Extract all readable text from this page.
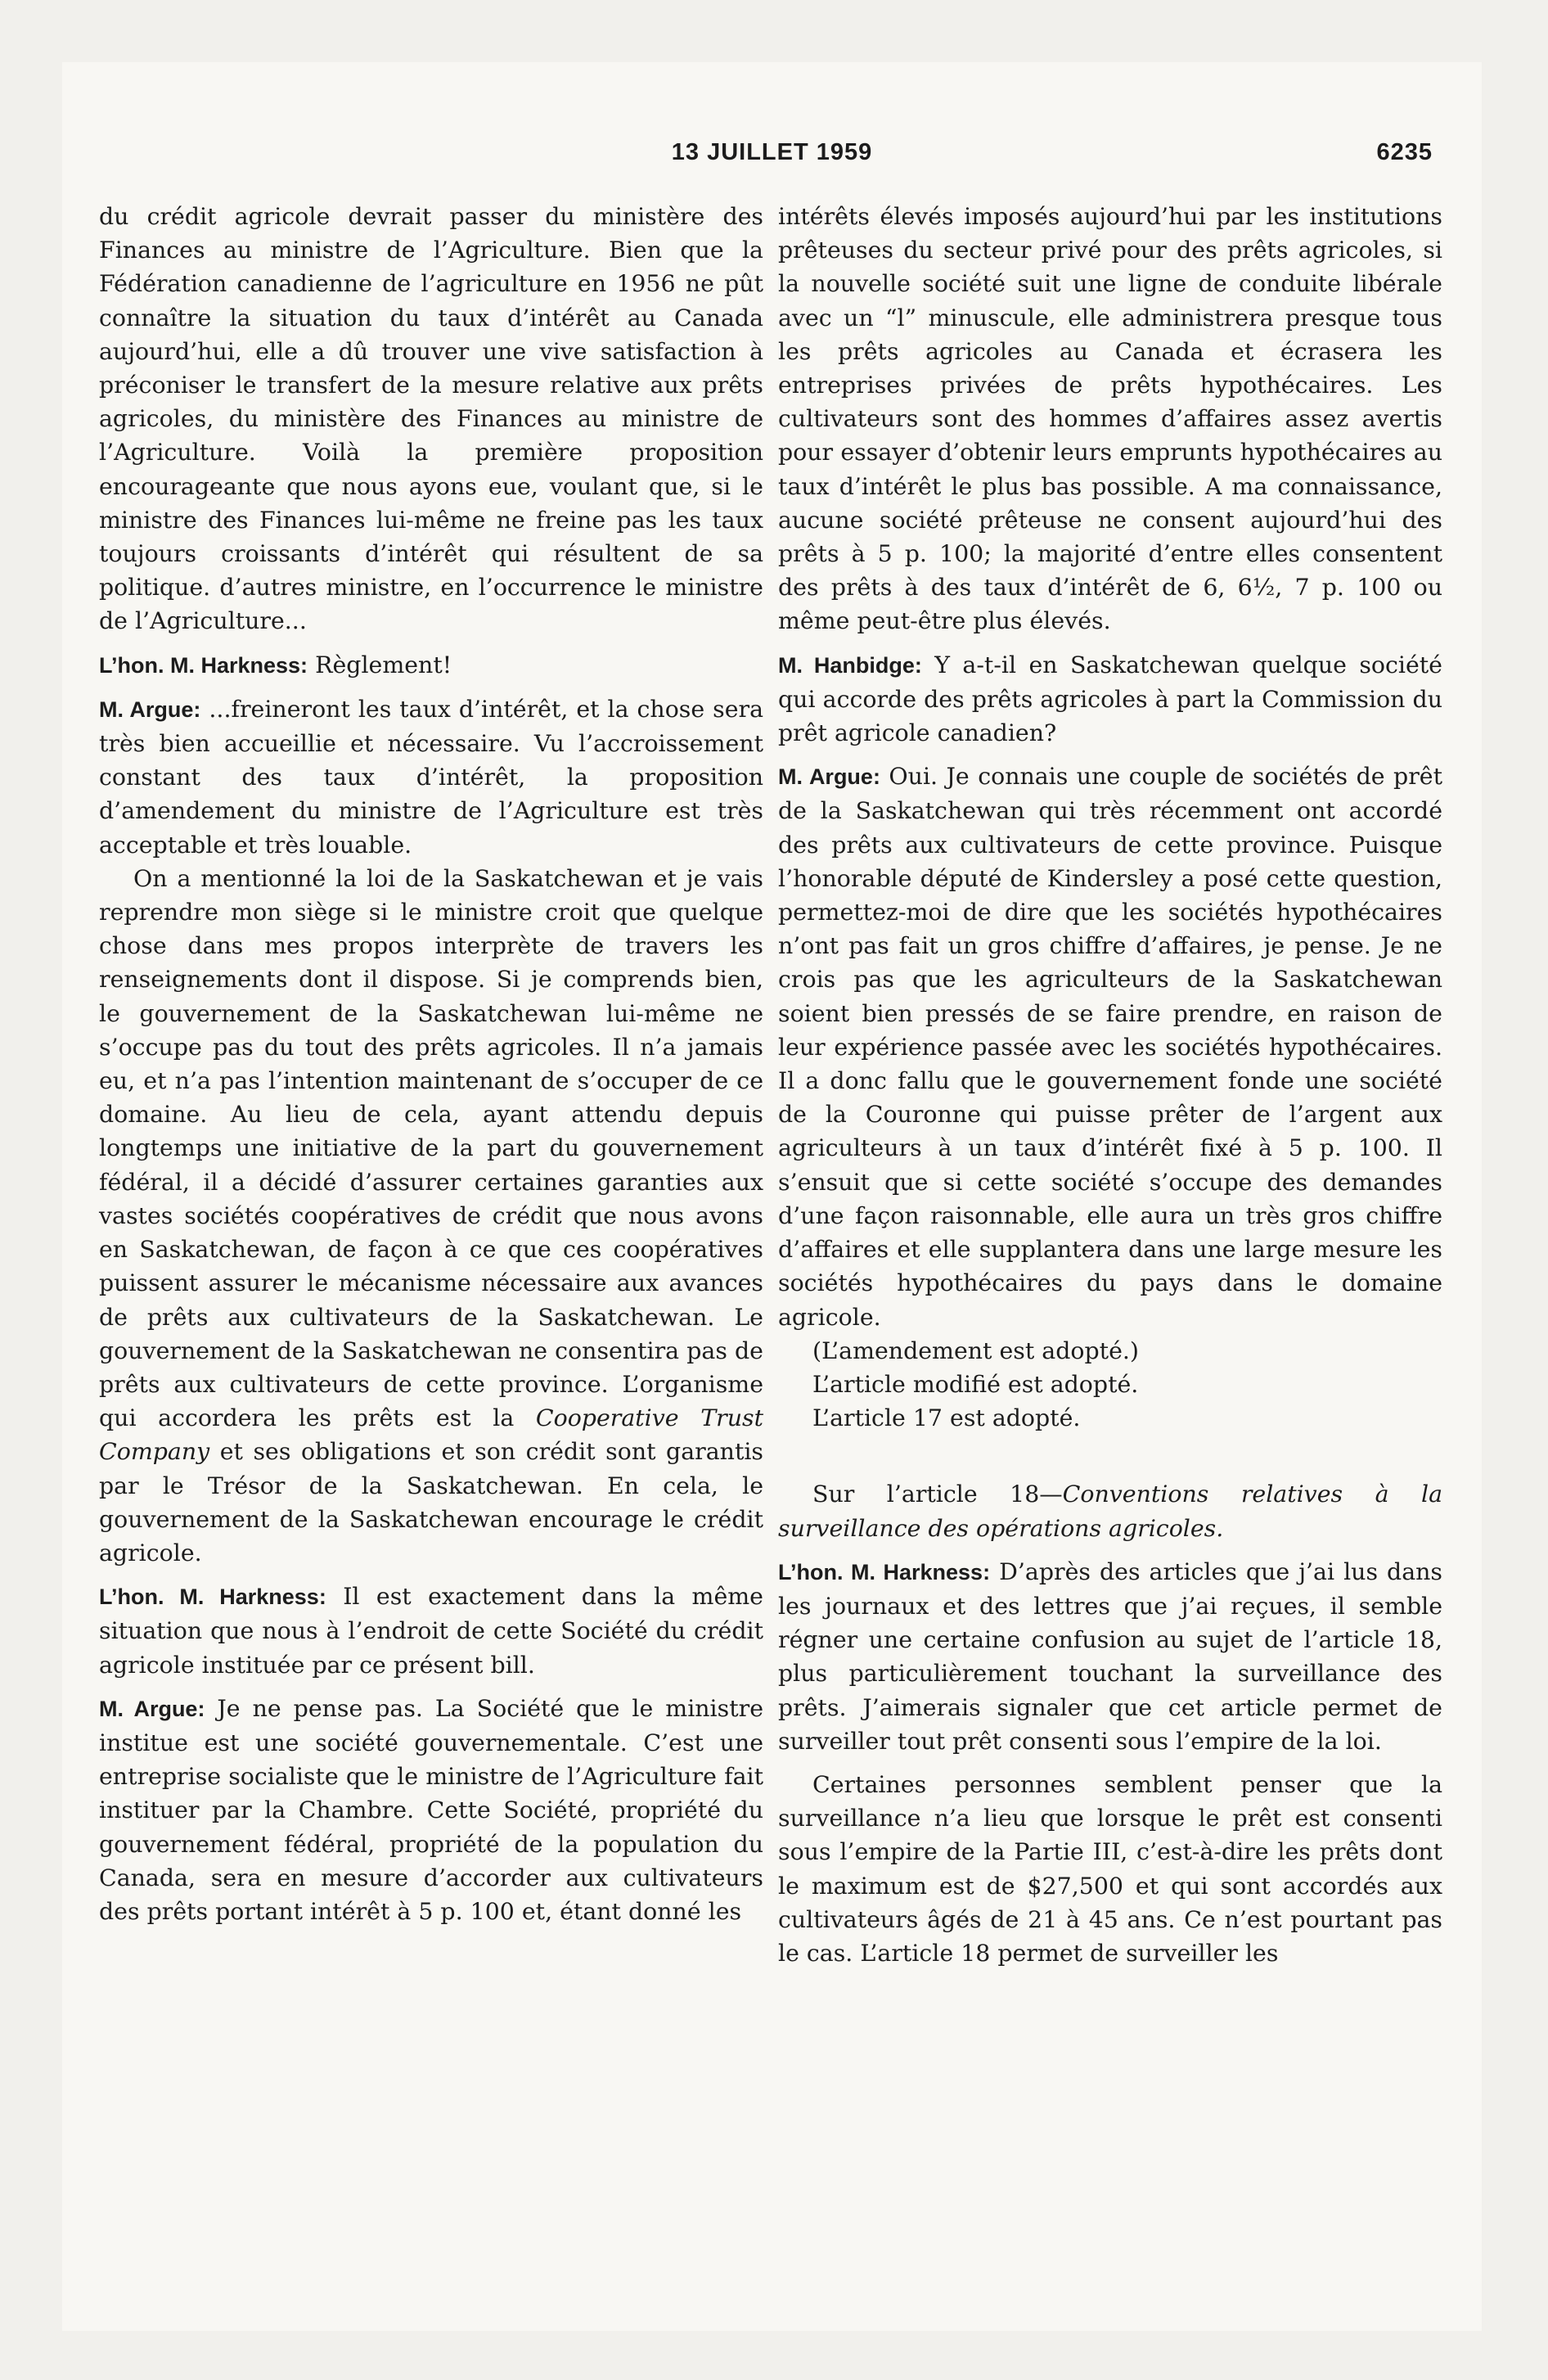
13 JUILLET 1959	6235

du crédit agricole devrait passer du ministère des Finances au ministre de l’Agriculture. Bien que la Fédération canadienne de l’agriculture en 1956 ne pût connaître la situation du taux d’intérêt au Canada aujourd’hui, elle a dû trouver une vive satisfaction à préconiser le transfert de la mesure relative aux prêts agricoles, du ministère des Finances au ministre de l’Agriculture. Voilà la première proposition encourageante que nous ayons eue, voulant que, si le ministre des Finances lui-même ne freine pas les taux toujours croissants d’intérêt qui résultent de sa politique. d’autres ministre, en l’occurrence le ministre de l’Agriculture...

L’hon. M. Harkness: Règlement!

M. Argue: ...freineront les taux d’intérêt, et la chose sera très bien accueillie et nécessaire. Vu l’accroissement constant des taux d’intérêt, la proposition d’amendement du ministre de l’Agriculture est très acceptable et très louable.

On a mentionné la loi de la Saskatchewan et je vais reprendre mon siège si le ministre croit que quelque chose dans mes propos interprète de travers les renseignements dont il dispose. Si je comprends bien, le gouvernement de la Saskatchewan lui-même ne s’occupe pas du tout des prêts agricoles. Il n’a jamais eu, et n’a pas l’intention maintenant de s’occuper de ce domaine. Au lieu de cela, ayant attendu depuis longtemps une initiative de la part du gouvernement fédéral, il a décidé d’assurer certaines garanties aux vastes sociétés coopératives de crédit que nous avons en Saskatchewan, de façon à ce que ces coopératives puissent assurer le mécanisme nécessaire aux avances de prêts aux cultivateurs de la Saskatchewan. Le gouvernement de la Saskatchewan ne consentira pas de prêts aux cultivateurs de cette province. L’organisme qui accordera les prêts est la Cooperative Trust Company et ses obligations et son crédit sont garantis par le Trésor de la Saskatchewan. En cela, le gouvernement de la Saskatchewan encourage le crédit agricole.

L’hon. M. Harkness: Il est exactement dans la même situation que nous à l’endroit de cette Société du crédit agricole instituée par ce présent bill.

M. Argue: Je ne pense pas. La Société que le ministre institue est une société gouvernementale. C’est une entreprise socialiste que le ministre de l’Agriculture fait instituer par la Chambre. Cette Société, propriété du gouvernement fédéral, propriété de la population du Canada, sera en mesure d’accorder aux cultivateurs des prêts portant intérêt à 5 p. 100 et, étant donné les

intérêts élevés imposés aujourd’hui par les institutions prêteuses du secteur privé pour des prêts agricoles, si la nouvelle société suit une ligne de conduite libérale avec un “l” minuscule, elle administrera presque tous les prêts agricoles au Canada et écrasera les entreprises privées de prêts hypothécaires. Les cultivateurs sont des hommes d’affaires assez avertis pour essayer d’obtenir leurs emprunts hypothécaires au taux d’intérêt le plus bas possible. A ma connaissance, aucune société prêteuse ne consent aujourd’hui des prêts à 5 p. 100; la majorité d’entre elles consentent des prêts à des taux d’intérêt de 6, 6½, 7 p. 100 ou même peut-être plus élevés.

M. Hanbidge: Y a-t-il en Saskatchewan quelque société qui accorde des prêts agricoles à part la Commission du prêt agricole canadien?

M. Argue: Oui. Je connais une couple de sociétés de prêt de la Saskatchewan qui très récemment ont accordé des prêts aux cultivateurs de cette province. Puisque l’honorable député de Kindersley a posé cette question, permettez-moi de dire que les sociétés hypothécaires n’ont pas fait un gros chiffre d’affaires, je pense. Je ne crois pas que les agriculteurs de la Saskatchewan soient bien pressés de se faire prendre, en raison de leur expérience passée avec les sociétés hypothécaires. Il a donc fallu que le gouvernement fonde une société de la Couronne qui puisse prêter de l’argent aux agriculteurs à un taux d’intérêt fixé à 5 p. 100. Il s’ensuit que si cette société s’occupe des demandes d’une façon raisonnable, elle aura un très gros chiffre d’affaires et elle supplantera dans une large mesure les sociétés hypothécaires du pays dans le domaine agricole.

(L’amendement est adopté.)

L’article modifié est adopté.

L’article 17 est adopté.

Sur l’article 18—Conventions relatives à la surveillance des opérations agricoles.

L’hon. M. Harkness: D’après des articles que j’ai lus dans les journaux et des lettres que j’ai reçues, il semble régner une certaine confusion au sujet de l’article 18, plus particulièrement touchant la surveillance des prêts. J’aimerais signaler que cet article permet de surveiller tout prêt consenti sous l’empire de la loi.

Certaines personnes semblent penser que la surveillance n’a lieu que lorsque le prêt est consenti sous l’empire de la Partie III, c’est-à-dire les prêts dont le maximum est de $27,500 et qui sont accordés aux cultivateurs âgés de 21 à 45 ans. Ce n’est pourtant pas le cas. L’article 18 permet de surveiller les
